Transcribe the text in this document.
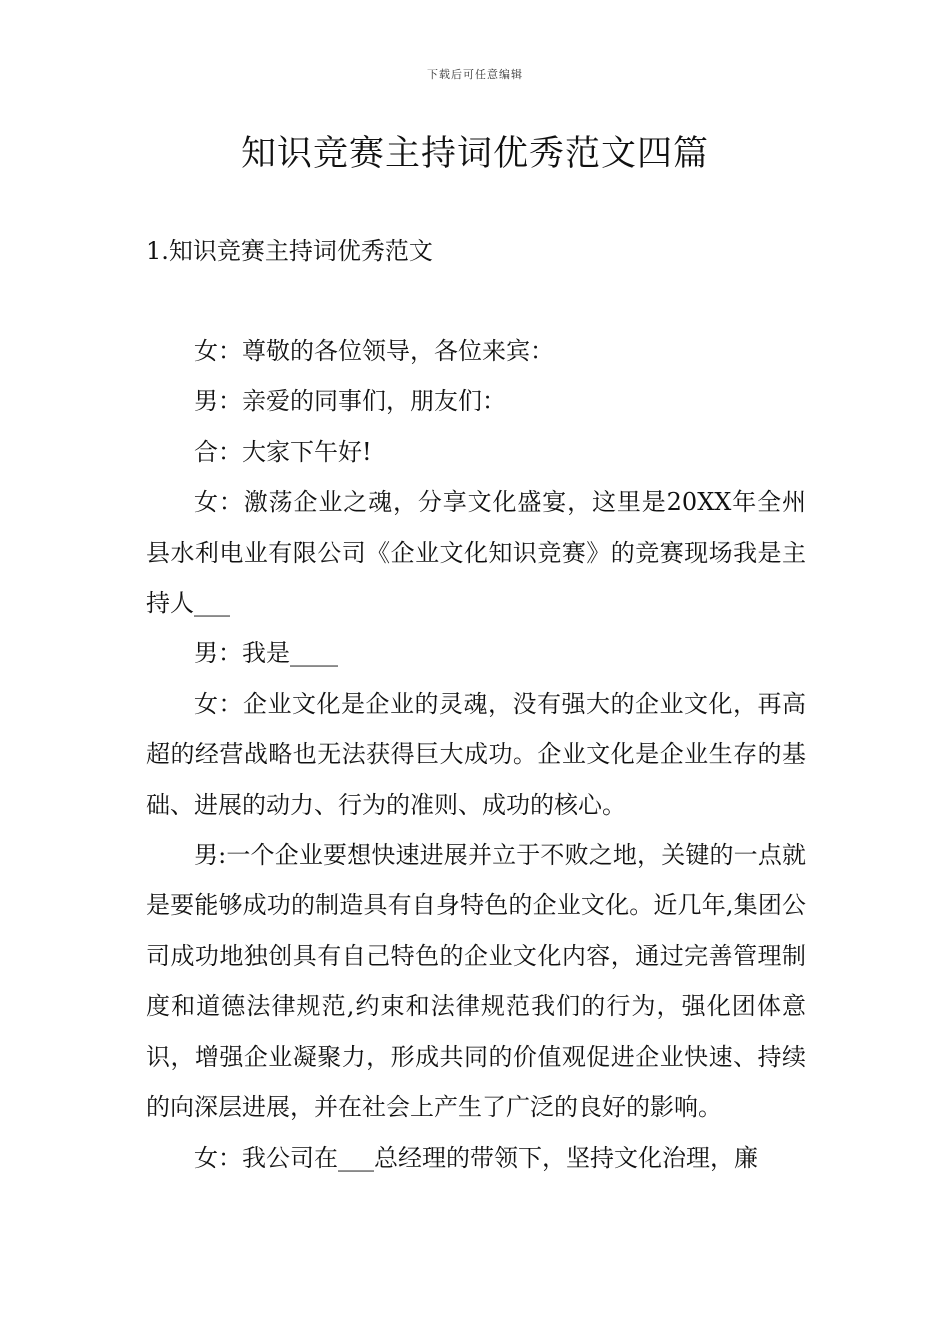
下载后可任意编辑
知识竞赛主持词优秀范文四篇
1.知识竞赛主持词优秀范文

女：尊敬的各位领导，各位来宾：

男：亲爱的同事们，朋友们：

合：大家下午好!

女：激荡企业之魂，分享文化盛宴，这里是20XX年全州县水利电业有限公司《企业文化知识竞赛》的竞赛现场我是主持人___

男：我是____

女：企业文化是企业的灵魂，没有强大的企业文化，再高超的经营战略也无法获得巨大成功。企业文化是企业生存的基础、进展的动力、行为的准则、成功的核心。

男:一个企业要想快速进展并立于不败之地，关键的一点就是要能够成功的制造具有自身特色的企业文化。近几年,集团公司成功地独创具有自己特色的企业文化内容，通过完善管理制度和道德法律规范,约束和法律规范我们的行为，强化团体意识，增强企业凝聚力，形成共同的价值观促进企业快速、持续的向深层进展，并在社会上产生了广泛的良好的影响。

女：我公司在___总经理的带领下，坚持文化治理，廉
